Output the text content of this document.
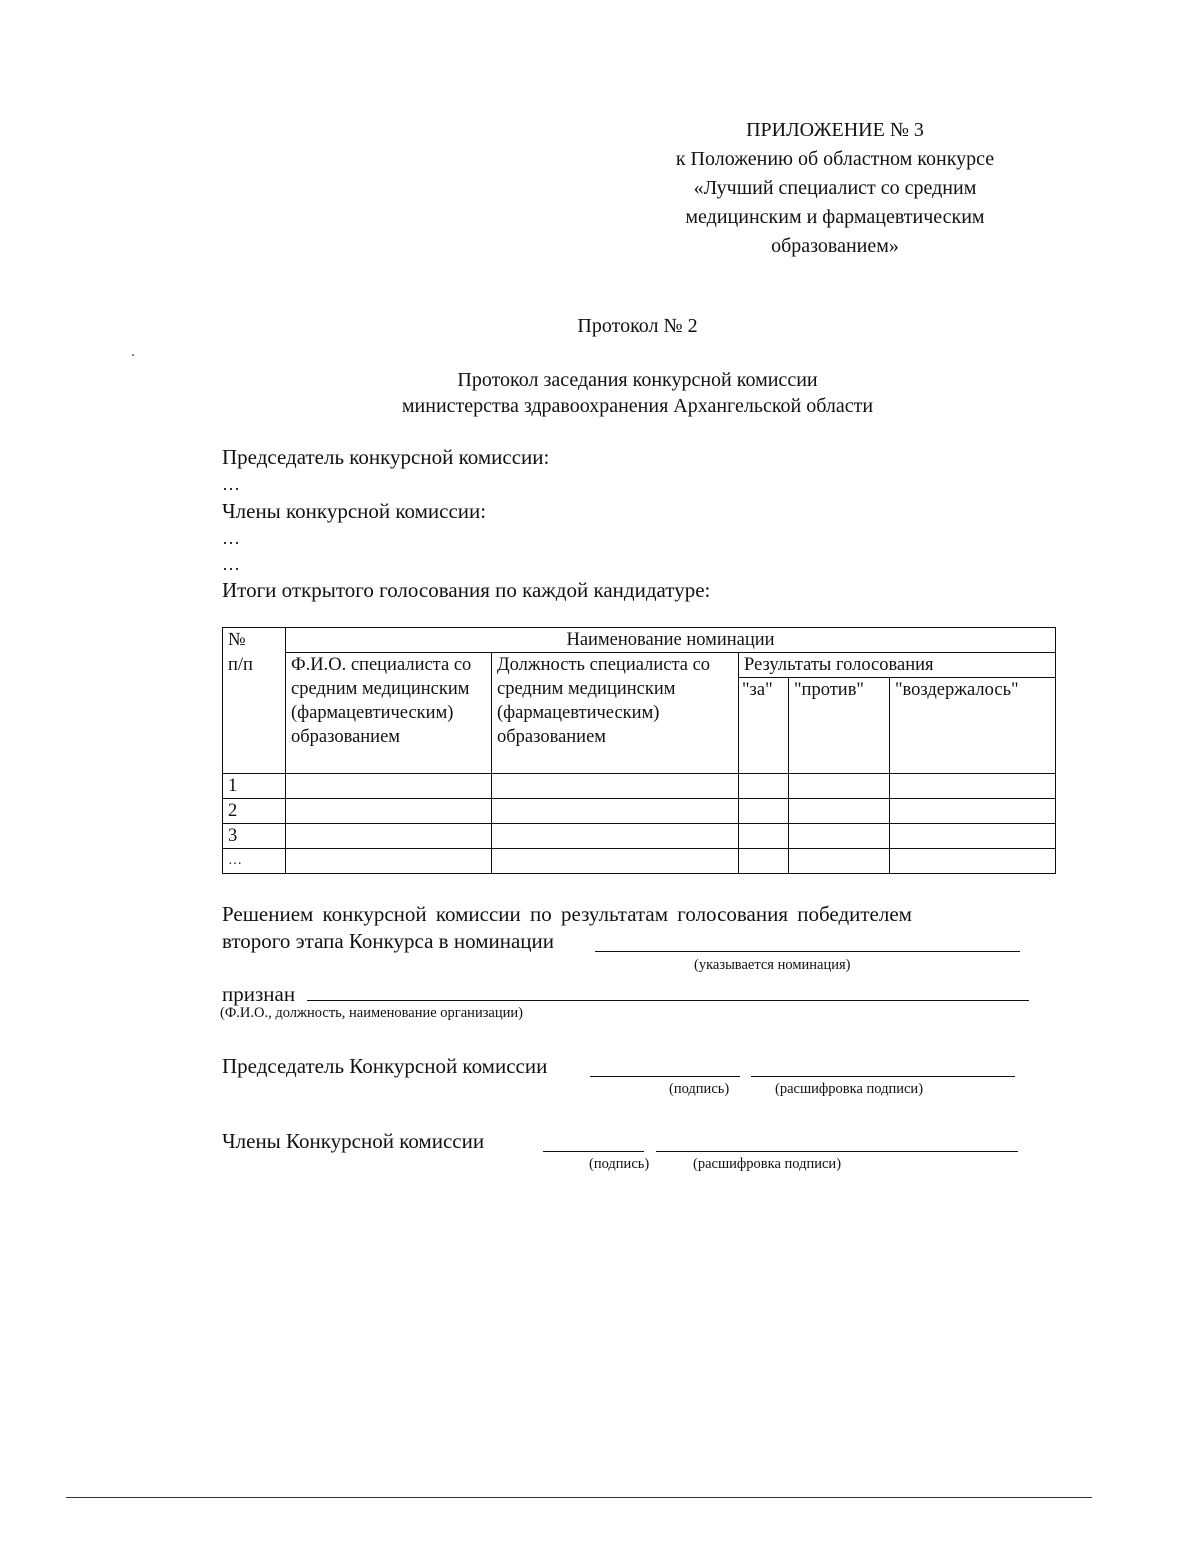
ПРИЛОЖЕНИЕ № 3
к Положению об областном конкурсе
«Лучший специалист со средним
медицинским и фармацевтическим
образованием»
Протокол № 2
Протокол заседания конкурсной комиссии
министерства здравоохранения Архангельской области
Председатель конкурсной комиссии:
…
Члены конкурсной комиссии:
…
…
Итоги открытого голосования по каждой кандидатуре:
№	Наименование номинации				
п/п	Ф.И.О. специалиста со средним медицинским (фармацевтическим) образованием	Должность специалиста со средним медицинским (фармацевтическим) образованием	Результаты голосования		
			"за"	"против"	"воздержалось"
1					
2					
3					
…					
Решением конкурсной комиссии по результатам голосования победителем
второго этапа Конкурса в номинации
(указывается номинация)
признан
(Ф.И.О., должность, наименование организации)
Председатель Конкурсной комиссии
(подпись)	(расшифровка подписи)
Члены Конкурсной комиссии
(подпись)	(расшифровка подписи)
